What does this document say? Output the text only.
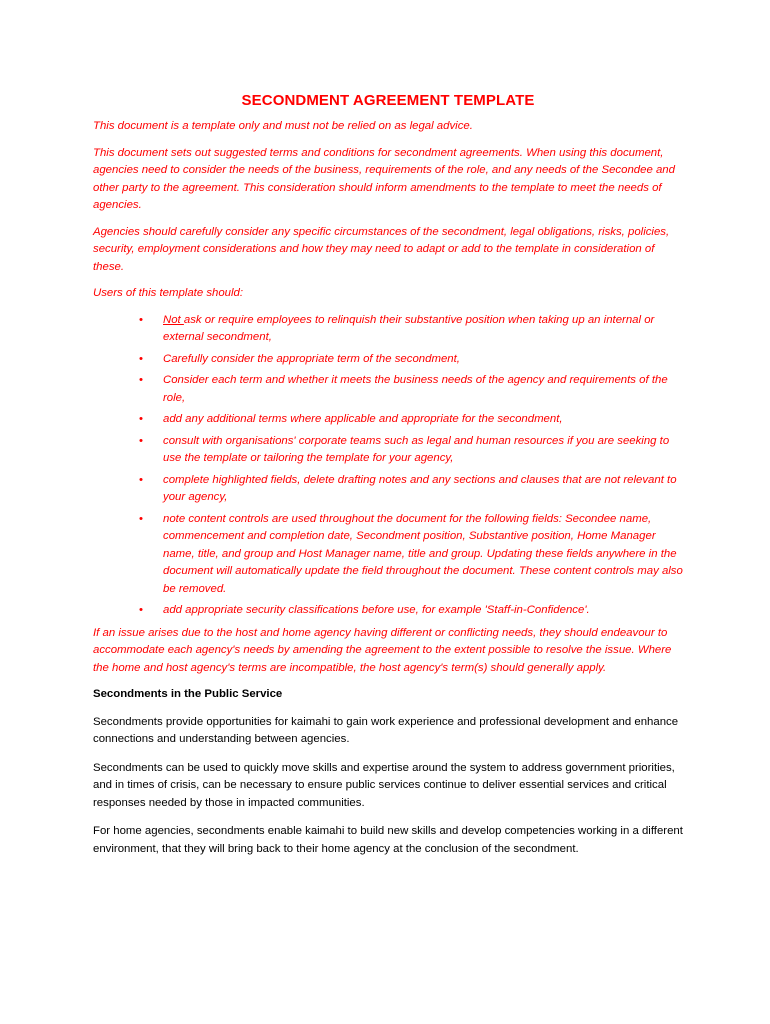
SECONDMENT AGREEMENT TEMPLATE

This document is a template only and must not be relied on as legal advice.

This document sets out suggested terms and conditions for secondment agreements. When using this document, agencies need to consider the needs of the business, requirements of the role, and any needs of the Secondee and other party to the agreement. This consideration should inform amendments to the template to meet the needs of agencies.

Agencies should carefully consider any specific circumstances of the secondment, legal obligations, risks, policies, security, employment considerations and how they may need to adapt or add to the template in consideration of these.

Users of this template should:

• Not ask or require employees to relinquish their substantive position when taking up an internal or external secondment,
• Carefully consider the appropriate term of the secondment,
• Consider each term and whether it meets the business needs of the agency and requirements of the role,
• add any additional terms where applicable and appropriate for the secondment,
• consult with organisations' corporate teams such as legal and human resources if you are seeking to use the template or tailoring the template for your agency,
• complete highlighted fields, delete drafting notes and any sections and clauses that are not relevant to your agency,
• note content controls are used throughout the document for the following fields: Secondee name, commencement and completion date, Secondment position, Substantive position, Home Manager name, title, and group and Host Manager name, title and group. Updating these fields anywhere in the document will automatically update the field throughout the document. These content controls may also be removed.
• add appropriate security classifications before use, for example 'Staff-in-Confidence'.

If an issue arises due to the host and home agency having different or conflicting needs, they should endeavour to accommodate each agency's needs by amending the agreement to the extent possible to resolve the issue. Where the home and host agency's terms are incompatible, the host agency's term(s) should generally apply.

Secondments in the Public Service

Secondments provide opportunities for kaimahi to gain work experience and professional development and enhance connections and understanding between agencies.

Secondments can be used to quickly move skills and expertise around the system to address government priorities, and in times of crisis, can be necessary to ensure public services continue to deliver essential services and critical responses needed by those in impacted communities.

For home agencies, secondments enable kaimahi to build new skills and develop competencies working in a different environment, that they will bring back to their home agency at the conclusion of the secondment.
